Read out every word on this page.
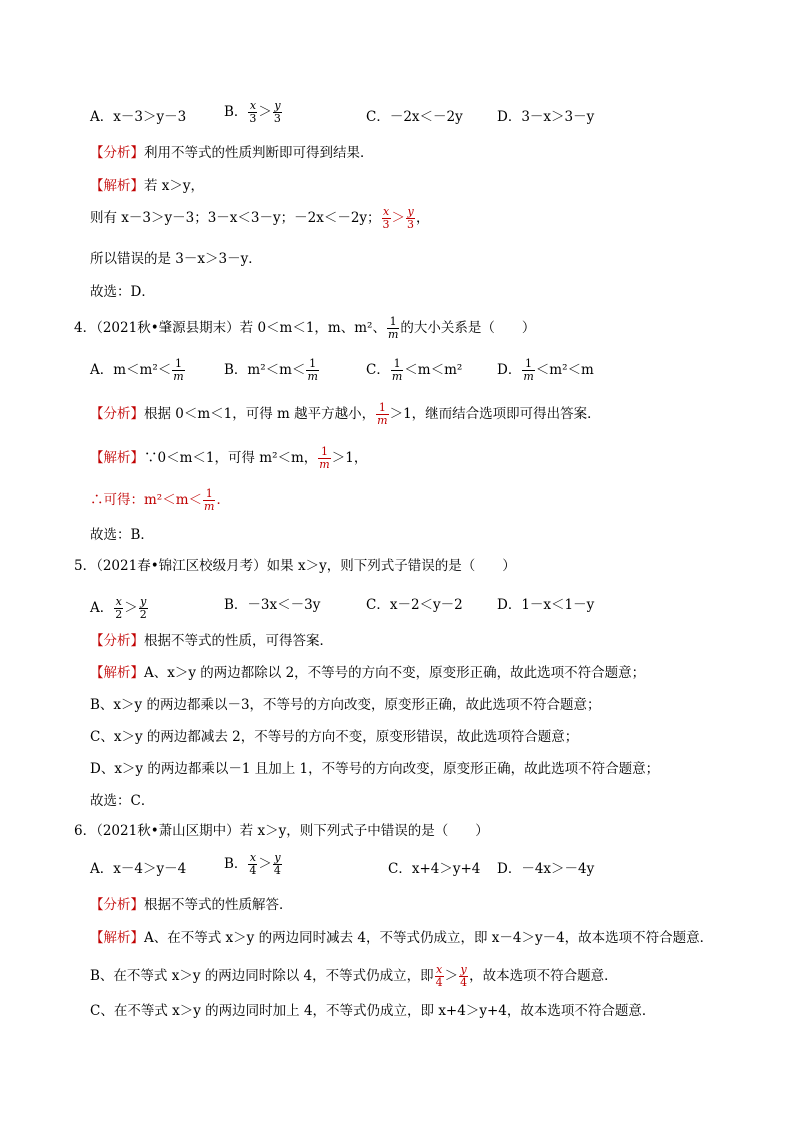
A．x－3＞y－3	B． $\frac{x}{3} > \frac{y}{3}$	C．－2x＜－2y	D．3－x＞3－y
【分析】利用不等式的性质判断即可得到结果．
【解析】若 x＞y，
则有 x－3＞y－3；3－x＜3－y；－2x＜－2y； $\frac{x}{3} > \frac{y}{3}$ ，
所以错误的是 3－x＞3－y．
故选：D．
4．（2021秋•肇源县期末）若 0＜m＜1，m、m²、 $\frac{1}{m}$ 的大小关系是（　　）
A．$m<m^2< \frac{1}{m}$	B．$m^2<m< \frac{1}{m}$	C． $\frac{1}{m} <m<m^2$	D． $\frac{1}{m} <m^2<m$
【分析】根据 0＜m＜1，可得 m 越平方越小， $\frac{1}{m} >1$，继而结合选项即可得出答案．
【解析】∵0＜m＜1，可得 m²＜m， $\frac{1}{m} >1$，
∴可得：$m^2<m< \frac{1}{m}$ ．
故选：B．
5．（2021春•锦江区校级月考）如果 x＞y，则下列式子错误的是（　　）
A． $\frac{x}{2} > \frac{y}{2}$	B．－3x＜－3y	C．x－2＜y－2	D．1－x＜1－y
【分析】根据不等式的性质，可得答案．
【解析】A、x＞y 的两边都除以 2，不等号的方向不变，原变形正确，故此选项不符合题意；
B、x＞y 的两边都乘以－3，不等号的方向改变，原变形正确，故此选项不符合题意；
C、x＞y 的两边都减去 2，不等号的方向不变，原变形错误，故此选项符合题意；
D、x＞y 的两边都乘以－1 且加上 1，不等号的方向改变，原变形正确，故此选项不符合题意；
故选：C．
6．（2021秋•萧山区期中）若 x＞y，则下列式子中错误的是（　　）
A．x－4＞y－4	B． $\frac{x}{4} > \frac{y}{4}$	C．x+4＞y+4 D．－4x＞－4y
【分析】根据不等式的性质解答．
【解析】A、在不等式 x＞y 的两边同时减去 4，不等式仍成立，即 x－4＞y－4，故本选项不符合题意．
B、在不等式 x＞y 的两边同时除以 4，不等式仍成立，即 $\frac{x}{4} > \frac{y}{4}$ ，故本选项不符合题意．
C、在不等式 x＞y 的两边同时加上 4，不等式仍成立，即 x+4＞y+4，故本选项不符合题意．
